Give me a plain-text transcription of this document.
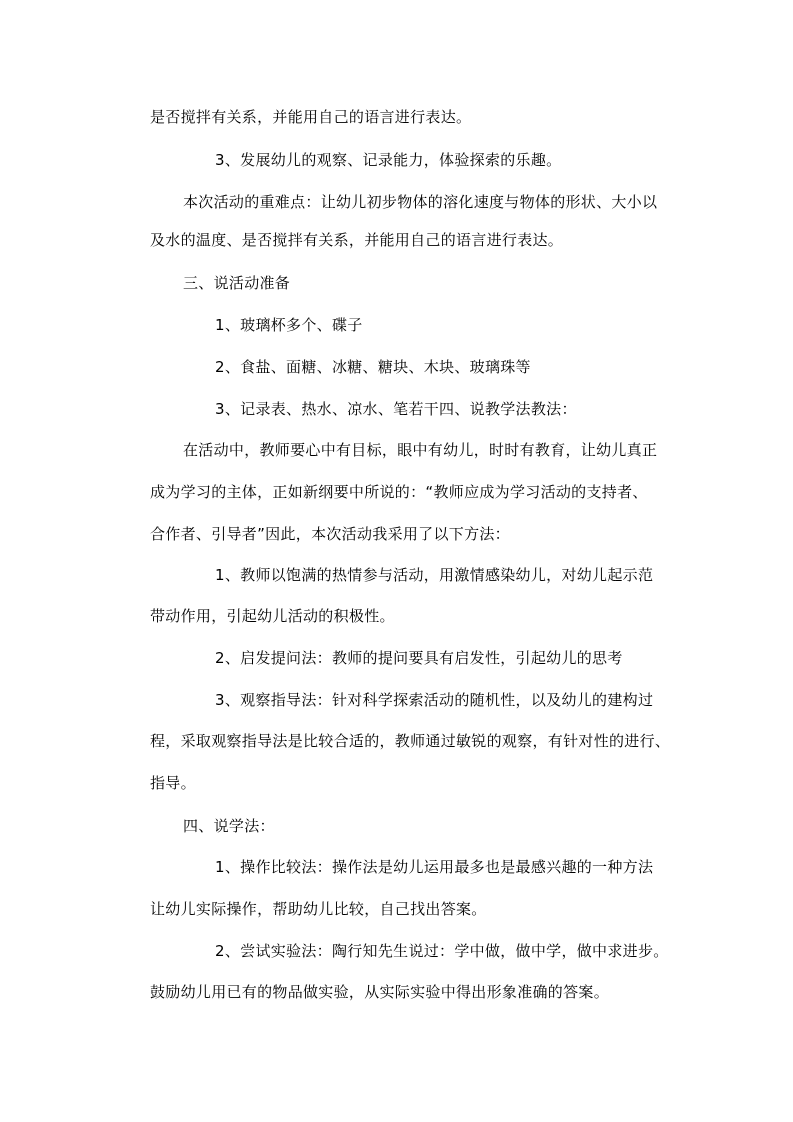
是否搅拌有关系，并能用自己的语言进行表达。
3、发展幼儿的观察、记录能力，体验探索的乐趣。
本次活动的重难点：让幼儿初步物体的溶化速度与物体的形状、大小以
及水的温度、是否搅拌有关系，并能用自己的语言进行表达。
三、说活动准备
1、玻璃杯多个、碟子
2、食盐、面糖、冰糖、糖块、木块、玻璃珠等
3、记录表、热水、凉水、笔若干四、说教学法教法：
在活动中，教师要心中有目标，眼中有幼儿，时时有教育，让幼儿真正
成为学习的主体，正如新纲要中所说的：“教师应成为学习活动的支持者、
合作者、引导者”因此，本次活动我采用了以下方法：
1、教师以饱满的热情参与活动，用激情感染幼儿，对幼儿起示范
带动作用，引起幼儿活动的积极性。
2、启发提问法：教师的提问要具有启发性，引起幼儿的思考
3、观察指导法：针对科学探索活动的随机性，以及幼儿的建构过
程，采取观察指导法是比较合适的，教师通过敏锐的观察，有针对性的进行、
指导。
四、说学法：
1、操作比较法：操作法是幼儿运用最多也是最感兴趣的一种方法
让幼儿实际操作，帮助幼儿比较，自己找出答案。
2、尝试实验法：陶行知先生说过：学中做，做中学，做中求进步。
鼓励幼儿用已有的物品做实验，从实际实验中得出形象准确的答案。
